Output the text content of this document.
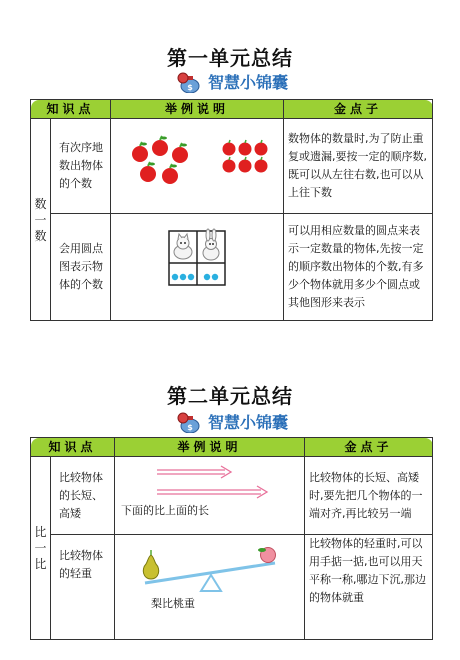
第一单元总结
$ 智慧小锦囊
知识点		举例说明	金点子

数
一
数	有次序地数出物体的个数		数物体的数量时,为了防止重复或遗漏,要按一定的顺序数,既可以从左往右数,也可以从上往下数
	会用圆点图表示物体的个数		可以用相应数量的圆点来表示一定数量的物体,先按一定的顺序数出物体的个数,有多少个物体就用多少个圆点或其他图形来表示
第二单元总结
$ 智慧小锦囊
知识点		举例说明	金点子

比
一
比	比较物体的长短、高矮	下面的比上面的长	比较物体的长短、高矮时,要先把几个物体的一端对齐,再比较另一端
	比较物体的轻重	梨比桃重	比较物体的轻重时,可以用手掂一掂,也可以用天平称一称,哪边下沉,那边的物体就重
